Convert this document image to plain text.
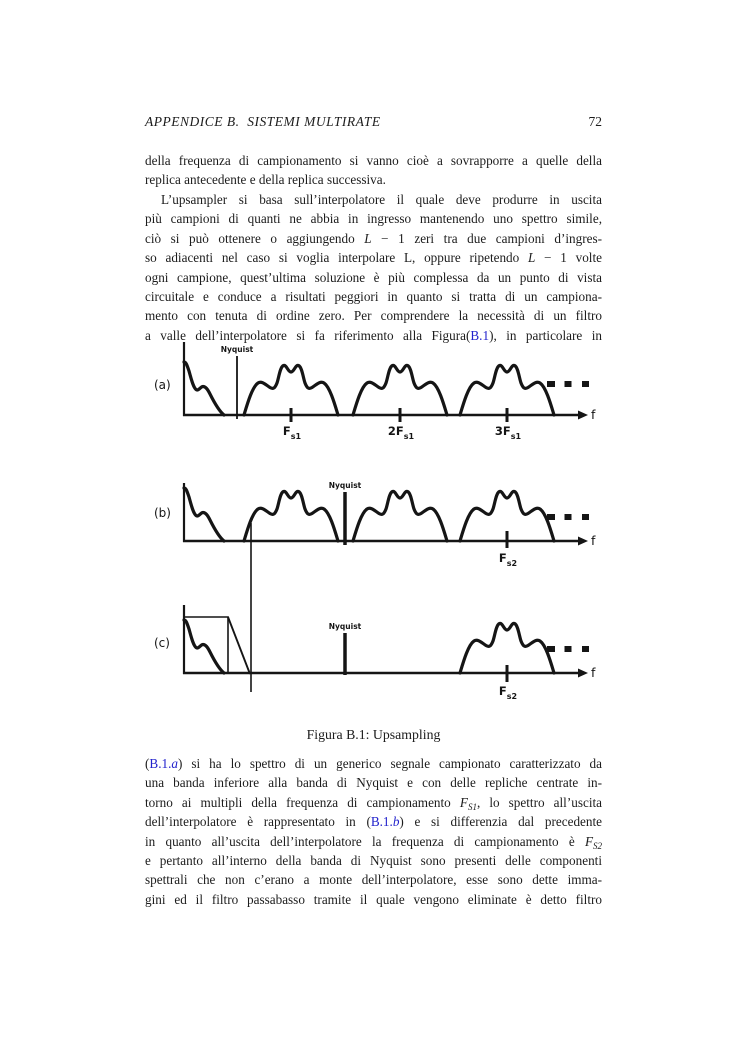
APPENDICE B.  SISTEMI MULTIRATE	72
della frequenza di campionamento si vanno cioè a sovrapporre a quelle della
replica antecedente e della replica successiva.
L’upsampler si basa sull’interpolatore il quale deve produrre in uscita
più campioni di quanti ne abbia in ingresso mantenendo uno spettro simile,
ciò si può ottenere o aggiungendo L − 1 zeri tra due campioni d’ingres-
so adiacenti nel caso si voglia interpolare L, oppure ripetendo L − 1 volte
ogni campione, quest’ultima soluzione è più complessa da un punto di vista
circuitale e conduce a risultati peggiori in quanto si tratta di un campiona-
mento con tenuta di ordine zero. Per comprendere la necessità di un filtro
a valle dell’interpolatore si fa riferimento alla Figura(B.1), in particolare in
(B.1.a) si ha lo spettro di un generico segnale campionato caratterizzato da
una banda inferiore alla banda di Nyquist e con delle repliche centrate in-
torno ai multipli della frequenza di campionamento $F_{S1}$, lo spettro all’uscita
dell’interpolatore è rappresentato in (B.1.b) e si differenzia dal precedente
in quanto all’uscita dell’interpolatore la frequenza di campionamento è $F_{S2}$
e pertanto all’interno della banda di Nyquist sono presenti delle componenti
spettrali che non c’erano a monte dell’interpolatore, esse sono dette imma-
gini ed il filtro passabasso tramite il quale vengono eliminate è detto filtro
Figura B.1: Upsampling
f
(a)
Nyquist
$F_{s1}$	$2F_{s1}$	$3F_{s1}$
f
(b)
Nyquist
$F_{s2}$
f
(c)
Nyquist
$F_{s2}$
